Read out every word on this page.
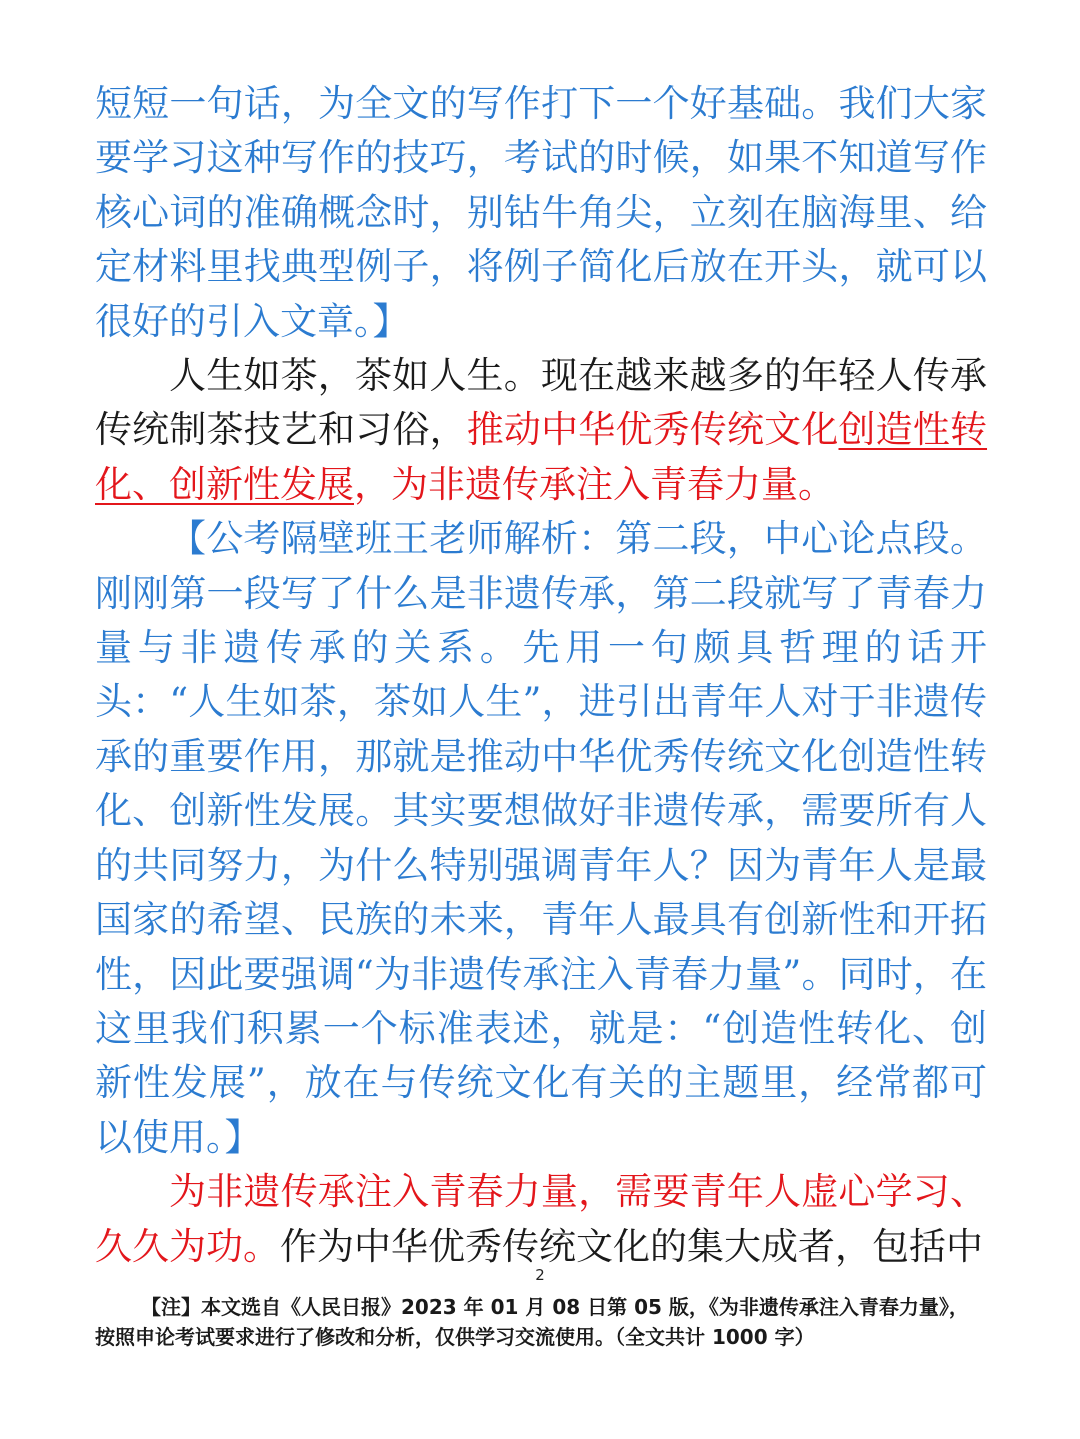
短短一句话，为全文的写作打下一个好基础。我们大家要学习这种写作的技巧，考试的时候，如果不知道写作核心词的准确概念时，别钻牛角尖，立刻在脑海里、给定材料里找典型例子，将例子简化后放在开头，就可以很好的引入文章。】

人生如茶，茶如人生。现在越来越多的年轻人传承传统制茶技艺和习俗，推动中华优秀传统文化创造性转化、创新性发展，为非遗传承注入青春力量。

【公考隔壁班王老师解析：第二段，中心论点段。刚刚第一段写了什么是非遗传承，第二段就写了青春力量与非遗传承的关系。先用一句颇具哲理的话开头：“人生如茶，茶如人生”，进引出青年人对于非遗传承的重要作用，那就是推动中华优秀传统文化创造性转化、创新性发展。其实要想做好非遗传承，需要所有人的共同努力，为什么特别强调青年人？因为青年人是最国家的希望、民族的未来，青年人最具有创新性和开拓性，因此要强调“为非遗传承注入青春力量”。同时，在这里我们积累一个标准表述，就是：“创造性转化、创新性发展”，放在与传统文化有关的主题里，经常都可以使用。】

为非遗传承注入青春力量，需要青年人虚心学习、久久为功。作为中华优秀传统文化的集大成者，包括中

2
【注】本文选自《人民日报》2023 年 01 月 08 日第 05 版，《为非遗传承注入青春力量》，按照申论考试要求进行了修改和分析，仅供学习交流使用。（全文共计 1000 字）
